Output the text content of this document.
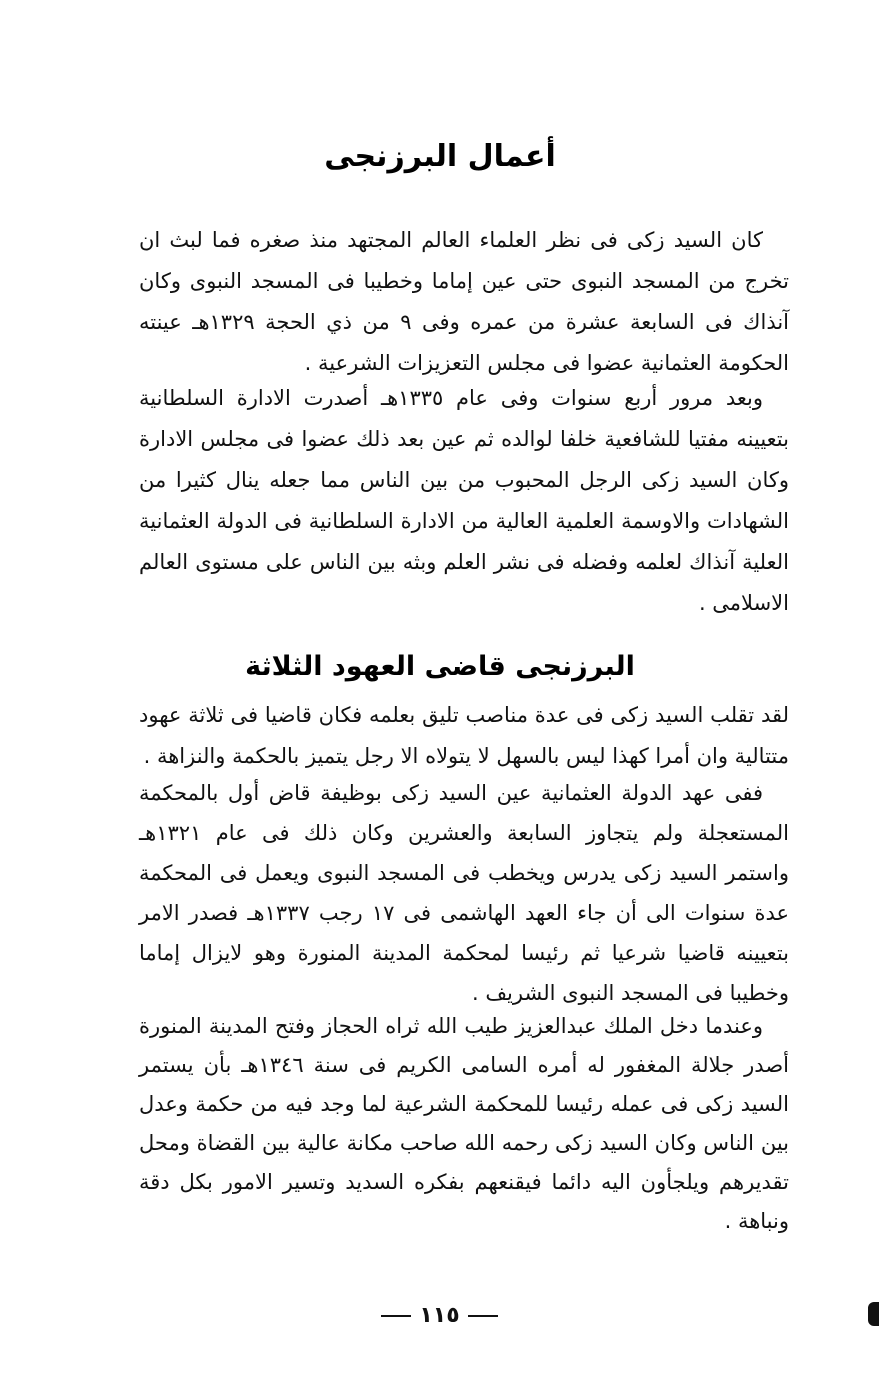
أعمال البرزنجى

كان السيد زكى فى نظر العلماء العالم المجتهد منذ صغره فما لبث ان تخرج من المسجد النبوى حتى عين إماما وخطيبا فى المسجد النبوى وكان آنذاك فى السابعة عشرة من عمره وفى ٩ من ذي الحجة ١٣٢٩هـ عينته الحكومة العثمانية عضوا فى مجلس التعزيزات الشرعية .

وبعد مرور أربع سنوات وفى عام ١٣٣٥هـ أصدرت الادارة السلطانية بتعيينه مفتيا للشافعية خلفا لوالده ثم عين بعد ذلك عضوا فى مجلس الادارة وكان السيد زكى الرجل المحبوب من بين الناس مما جعله ينال كثيرا من الشهادات والاوسمة العلمية العالية من الادارة السلطانية فى الدولة العثمانية العلية آنذاك لعلمه وفضله فى نشر العلم وبثه بين الناس على مستوى العالم الاسلامى .

البرزنجى قاضى العهود الثلاثة

لقد تقلب السيد زكى فى عدة مناصب تليق بعلمه فكان قاضيا فى ثلاثة عهود متتالية وان أمرا كهذا ليس بالسهل لا يتولاه الا رجل يتميز بالحكمة والنزاهة .

ففى عهد الدولة العثمانية عين السيد زكى بوظيفة قاض أول بالمحكمة المستعجلة ولم يتجاوز السابعة والعشرين وكان ذلك فى عام ١٣٢١هـ واستمر السيد زكى يدرس ويخطب فى المسجد النبوى ويعمل فى المحكمة عدة سنوات الى أن جاء العهد الهاشمى فى ١٧ رجب ١٣٣٧هـ فصدر الامر بتعيينه قاضيا شرعيا ثم رئيسا لمحكمة المدينة المنورة وهو لايزال إماما وخطيبا فى المسجد النبوى الشريف .

وعندما دخل الملك عبدالعزيز طيب الله ثراه الحجاز وفتح المدينة المنورة أصدر جلالة المغفور له أمره السامى الكريم فى سنة ١٣٤٦هـ بأن يستمر السيد زكى فى عمله رئيسا للمحكمة الشرعية لما وجد فيه من حكمة وعدل بين الناس وكان السيد زكى رحمه الله صاحب مكانة عالية بين القضاة ومحل تقديرهم ويلجأون اليه دائما فيقنعهم بفكره السديد وتسير الامور بكل دقة ونباهة .

١١٥
